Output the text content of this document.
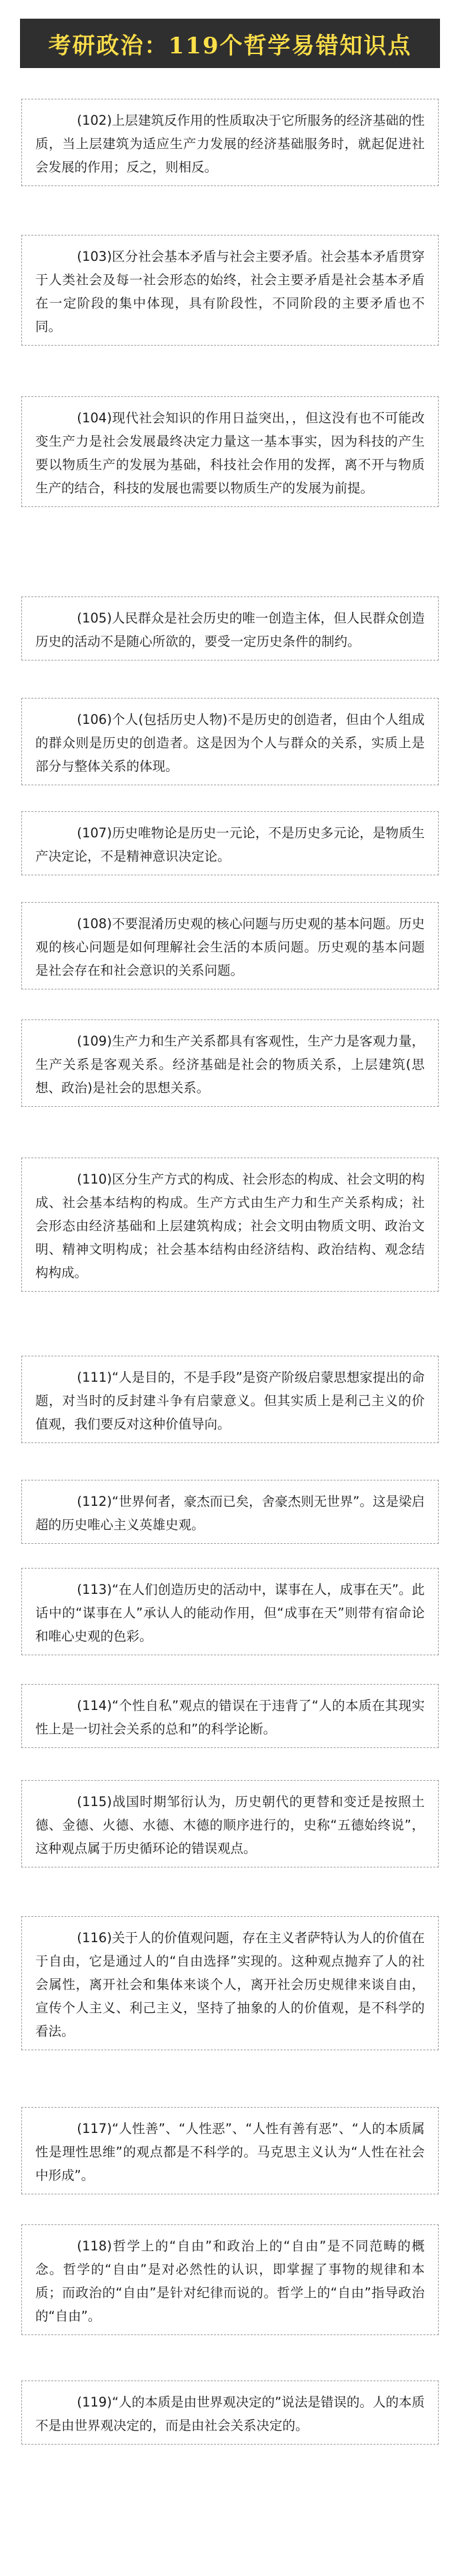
考研政治：119个哲学易错知识点

(102)上层建筑反作用的性质取决于它所服务的经济基础的性质，当上层建筑为适应生产力发展的经济基础服务时，就起促进社会发展的作用；反之，则相反。

(103)区分社会基本矛盾与社会主要矛盾。社会基本矛盾贯穿于人类社会及每一社会形态的始终，社会主要矛盾是社会基本矛盾在一定阶段的集中体现，具有阶段性，不同阶段的主要矛盾也不同。

(104)现代社会知识的作用日益突出，，但这没有也不可能改变生产力是社会发展最终决定力量这一基本事实，因为科技的产生要以物质生产的发展为基础，科技社会作用的发挥，离不开与物质生产的结合，科技的发展也需要以物质生产的发展为前提。

(105)人民群众是社会历史的唯一创造主体，但人民群众创造历史的活动不是随心所欲的，要受一定历史条件的制约。

(106)个人(包括历史人物)不是历史的创造者，但由个人组成的群众则是历史的创造者。这是因为个人与群众的关系，实质上是部分与整体关系的体现。

(107)历史唯物论是历史一元论，不是历史多元论，是物质生产决定论，不是精神意识决定论。

(108)不要混淆历史观的核心问题与历史观的基本问题。历史观的核心问题是如何理解社会生活的本质问题。历史观的基本问题是社会存在和社会意识的关系问题。

(109)生产力和生产关系都具有客观性，生产力是客观力量，生产关系是客观关系。经济基础是社会的物质关系，上层建筑(思想、政治)是社会的思想关系。

(110)区分生产方式的构成、社会形态的构成、社会文明的构成、社会基本结构的构成。生产方式由生产力和生产关系构成；社会形态由经济基础和上层建筑构成；社会文明由物质文明、政治文明、精神文明构成；社会基本结构由经济结构、政治结构、观念结构构成。

(111)“人是目的，不是手段”是资产阶级启蒙思想家提出的命题，对当时的反封建斗争有启蒙意义。但其实质上是利己主义的价值观，我们要反对这种价值导向。

(112)“世界何者，豪杰而已矣，舍豪杰则无世界”。这是梁启超的历史唯心主义英雄史观。

(113)“在人们创造历史的活动中，谋事在人，成事在天”。此话中的“谋事在人”承认人的能动作用，但“成事在天”则带有宿命论和唯心史观的色彩。

(114)“个性自私”观点的错误在于违背了“人的本质在其现实性上是一切社会关系的总和”的科学论断。

(115)战国时期邹衍认为，历史朝代的更替和变迁是按照土德、金德、火德、水德、木德的顺序进行的，史称“五德始终说”，这种观点属于历史循环论的错误观点。

(116)关于人的价值观问题，存在主义者萨特认为人的价值在于自由，它是通过人的“自由选择”实现的。这种观点抛弃了人的社会属性，离开社会和集体来谈个人，离开社会历史规律来谈自由，宣传个人主义、利己主义，坚持了抽象的人的价值观，是不科学的看法。

(117)“人性善”、“人性恶”、“人性有善有恶”、“人的本质属性是理性思维”的观点都是不科学的。马克思主义认为“人性在社会中形成”。

(118)哲学上的“自由”和政治上的“自由”是不同范畴的概念。哲学的“自由”是对必然性的认识，即掌握了事物的规律和本质；而政治的“自由”是针对纪律而说的。哲学上的“自由”指导政治的“自由”。

(119)“人的本质是由世界观决定的”说法是错误的。人的本质不是由世界观决定的，而是由社会关系决定的。
